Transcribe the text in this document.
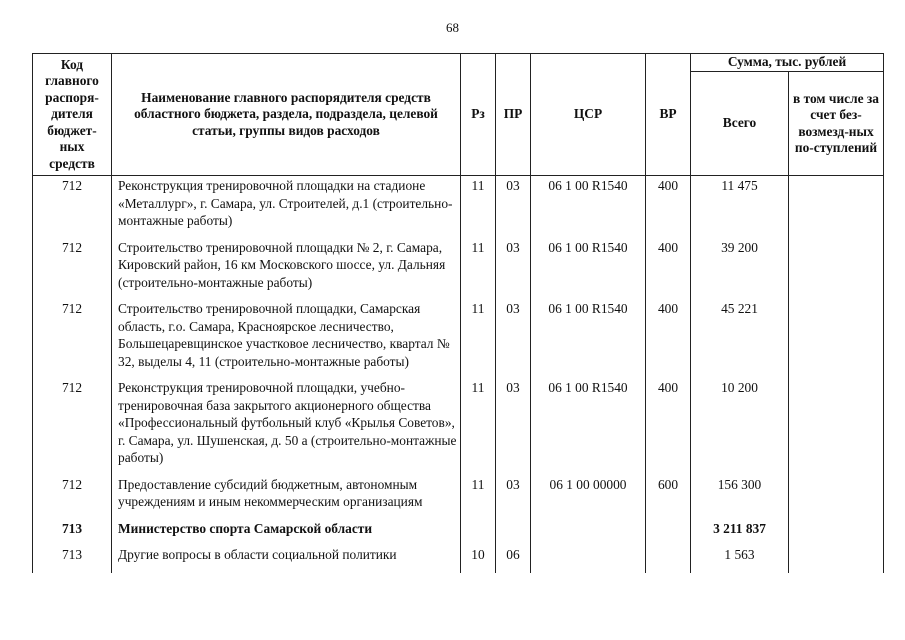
68
Код главного распоря-дителя бюджет-ных средств	Наименование главного распорядителя средств областного бюджета, раздела, подраздела, целевой статьи, группы видов расходов	Рз	ПР	ЦСР	ВР	Сумма, тыс. рублей	
						Всего	в том числе за счет без-возмезд-ных по-ступлений
712	Реконструкция тренировочной площадки на стадионе «Металлург», г. Самара, ул. Строителей, д.1 (строительно-монтажные работы)	11	03	06 1 00 R1540	400	11 475	
712	Строительство тренировочной площадки № 2, г. Самара, Кировский район, 16 км Московского шоссе, ул. Дальняя (строительно-монтажные работы)	11	03	06 1 00 R1540	400	39 200	
712	Строительство тренировочной площадки, Самарская область, г.о. Самара, Красноярское лесничество, Большецаревщинское участковое лесничество, квартал № 32, выделы 4, 11 (строительно-монтажные работы)	11	03	06 1 00 R1540	400	45 221	
712	Реконструкция тренировочной площадки, учебно-тренировочная база закрытого акционерного общества «Профессиональный футбольный клуб «Крылья Советов», г. Самара, ул. Шушенская, д. 50 а (строительно-монтажные работы)	11	03	06 1 00 R1540	400	10 200	
712	Предоставление субсидий бюджетным, автономным учреждениям и иным некоммерческим организациям	11	03	06 1 00 00000	600	156 300	
713	Министерство спорта Самарской области					3 211 837	
713	Другие вопросы в области социальной политики	10	06			1 563	
